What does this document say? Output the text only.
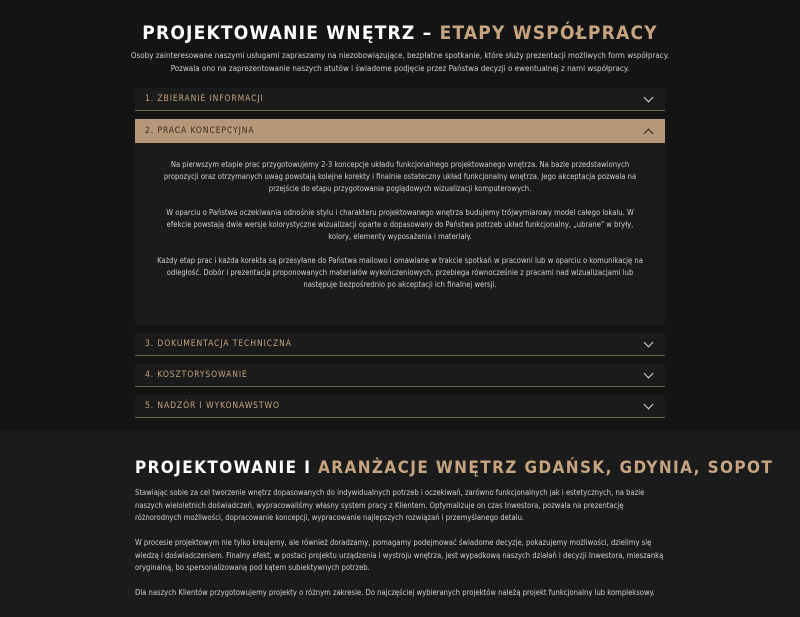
PROJEKTOWANIE WNĘTRZ – ETAPY WSPÓŁPRACY
Osoby zainteresowane naszymi usługami zapraszamy na niezobowiązujące, bezpłatne spotkanie, które służy prezentacji możliwych form współpracy. Pozwala ono na zaprezentowanie naszych atutów i świadome podjęcie przez Państwa decyzji o ewentualnej z nami współpracy.
1. ZBIERANIE INFORMACJI
2. PRACA KONCEPCYJNA

Na pierwszym etapie prac przygotowujemy 2-3 koncepcje układu funkcjonalnego projektowanego wnętrza. Na bazie przedstawionych propozycji oraz otrzymanych uwag powstają kolejne korekty i finalnie ostateczny układ funkcjonalny wnętrza. Jego akceptacja pozwala na przejście do etapu przygotowania poglądowych wizualizacji komputerowych.

W oparciu o Państwa oczekiwania odnośnie stylu i charakteru projektowanego wnętrza budujemy trójwymiarowy model całego lokalu. W efekcie powstają dwie wersje kolorystyczne wizualizacji oparte o dopasowany do Państwa potrzeb układ funkcjonalny, „ubrane" w bryły, kolory, elementy wyposażenia i materiały.

Każdy etap prac i każda korekta są przesyłane do Państwa mailowo i omawiane w trakcie spotkań w pracowni lub w oparciu o komunikację na odległość. Dobór i prezentacja proponowanych materiałów wykończeniowych, przebiega równocześnie z pracami nad wizualizacjami lub następuje bezpośrednio po akceptacji ich finalnej wersji.

3. DOKUMENTACJA TECHNICZNA
4. KOSZTORYSOWANIE
5. NADZÓR I WYKONAWSTWO
PROJEKTOWANIE I ARANŻACJE WNĘTRZ GDAŃSK, GDYNIA, SOPOT

Stawiając sobie za cel tworzenie wnętrz dopasowanych do indywidualnych potrzeb i oczekiwań, zarówno funkcjonalnych jak i estetycznych, na bazie naszych wieloletnich doświadczeń, wypracowaliśmy własny system pracy z Klientem. Optymalizuje on czas Inwestora, pozwala na prezentację różnorodnych możliwości, dopracowanie koncepcji, wypracowanie najlepszych rozwiązań i przemyślanego detalu.

W procesie projektowym nie tylko kreujemy, ale również doradzamy, pomagamy podejmować świadome decyzje, pokazujemy możliwości, dzielimy się wiedzą i doświadczeniem. Finalny efekt, w postaci projektu urządzenia i wystroju wnętrza, jest wypadkową naszych działań i decyzji Inwestora, mieszanką oryginalną, bo spersonalizowaną pod kątem subiektywnych potrzeb.

Dla naszych Klientów przygotowujemy projekty o różnym zakresie. Do najczęściej wybieranych projektów należą projekt funkcjonalny lub kompleksowy.
